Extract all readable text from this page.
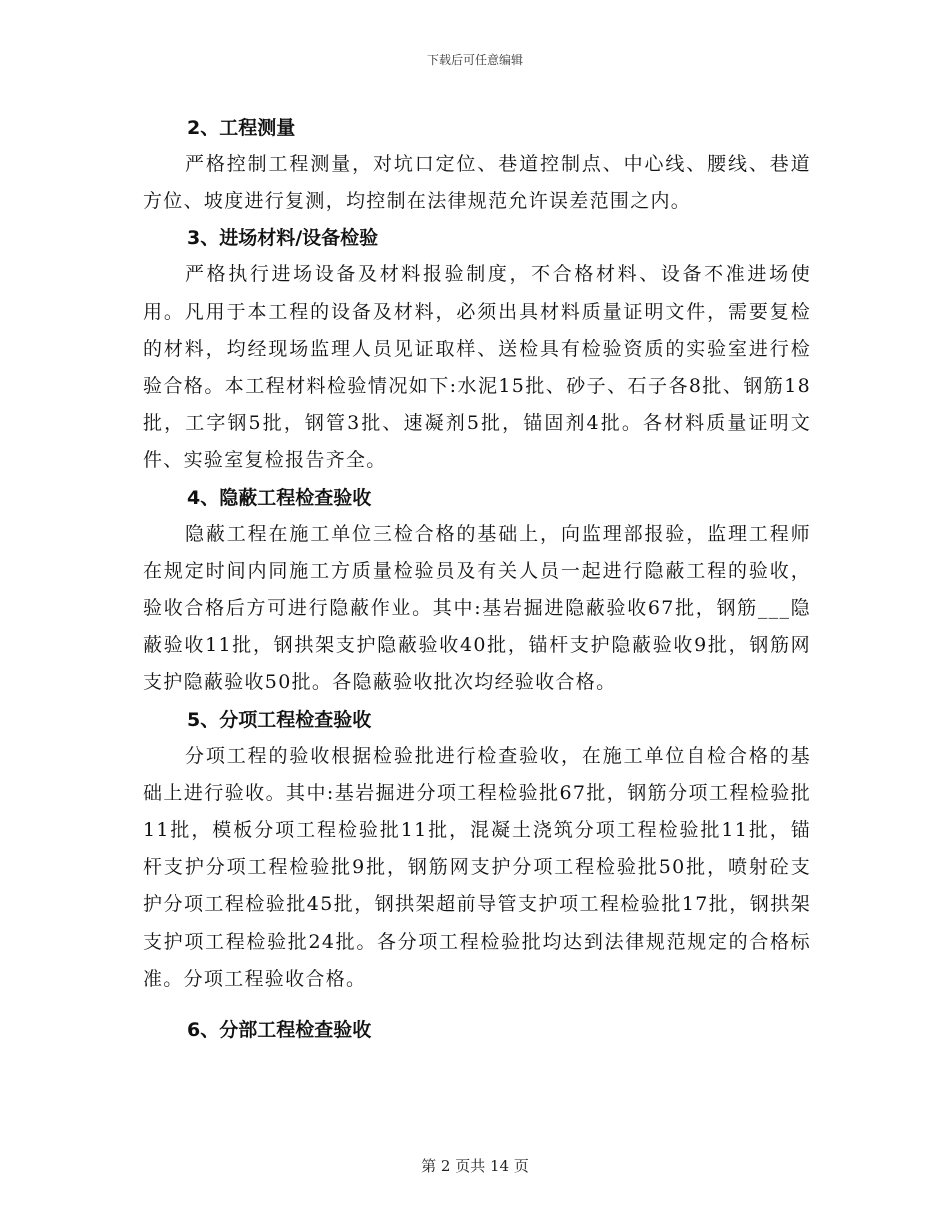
下载后可任意编辑

2、工程测量

严格控制工程测量，对坑口定位、巷道控制点、中心线、腰线、巷道方位、坡度进行复测，均控制在法律规范允许误差范围之内。

3、进场材料/设备检验

严格执行进场设备及材料报验制度，不合格材料、设备不准进场使用。凡用于本工程的设备及材料，必须出具材料质量证明文件，需要复检的材料，均经现场监理人员见证取样、送检具有检验资质的实验室进行检验合格。本工程材料检验情况如下:水泥15批、砂子、石子各8批、钢筋18批，工字钢5批，钢管3批、速凝剂5批，锚固剂4批。各材料质量证明文件、实验室复检报告齐全。

4、隐蔽工程检查验收

隐蔽工程在施工单位三检合格的基础上，向监理部报验，监理工程师在规定时间内同施工方质量检验员及有关人员一起进行隐蔽工程的验收，验收合格后方可进行隐蔽作业。其中:基岩掘进隐蔽验收67批，钢筋___隐蔽验收11批，钢拱架支护隐蔽验收40批，锚杆支护隐蔽验收9批，钢筋网支护隐蔽验收50批。各隐蔽验收批次均经验收合格。

5、分项工程检查验收

分项工程的验收根据检验批进行检查验收，在施工单位自检合格的基础上进行验收。其中:基岩掘进分项工程检验批67批，钢筋分项工程检验批11批，模板分项工程检验批11批，混凝土浇筑分项工程检验批11批，锚杆支护分项工程检验批9批，钢筋网支护分项工程检验批50批，喷射砼支护分项工程检验批45批，钢拱架超前导管支护项工程检验批17批，钢拱架支护项工程检验批24批。各分项工程检验批均达到法律规范规定的合格标准。分项工程验收合格。

6、分部工程检查验收

第 2 页共 14 页
